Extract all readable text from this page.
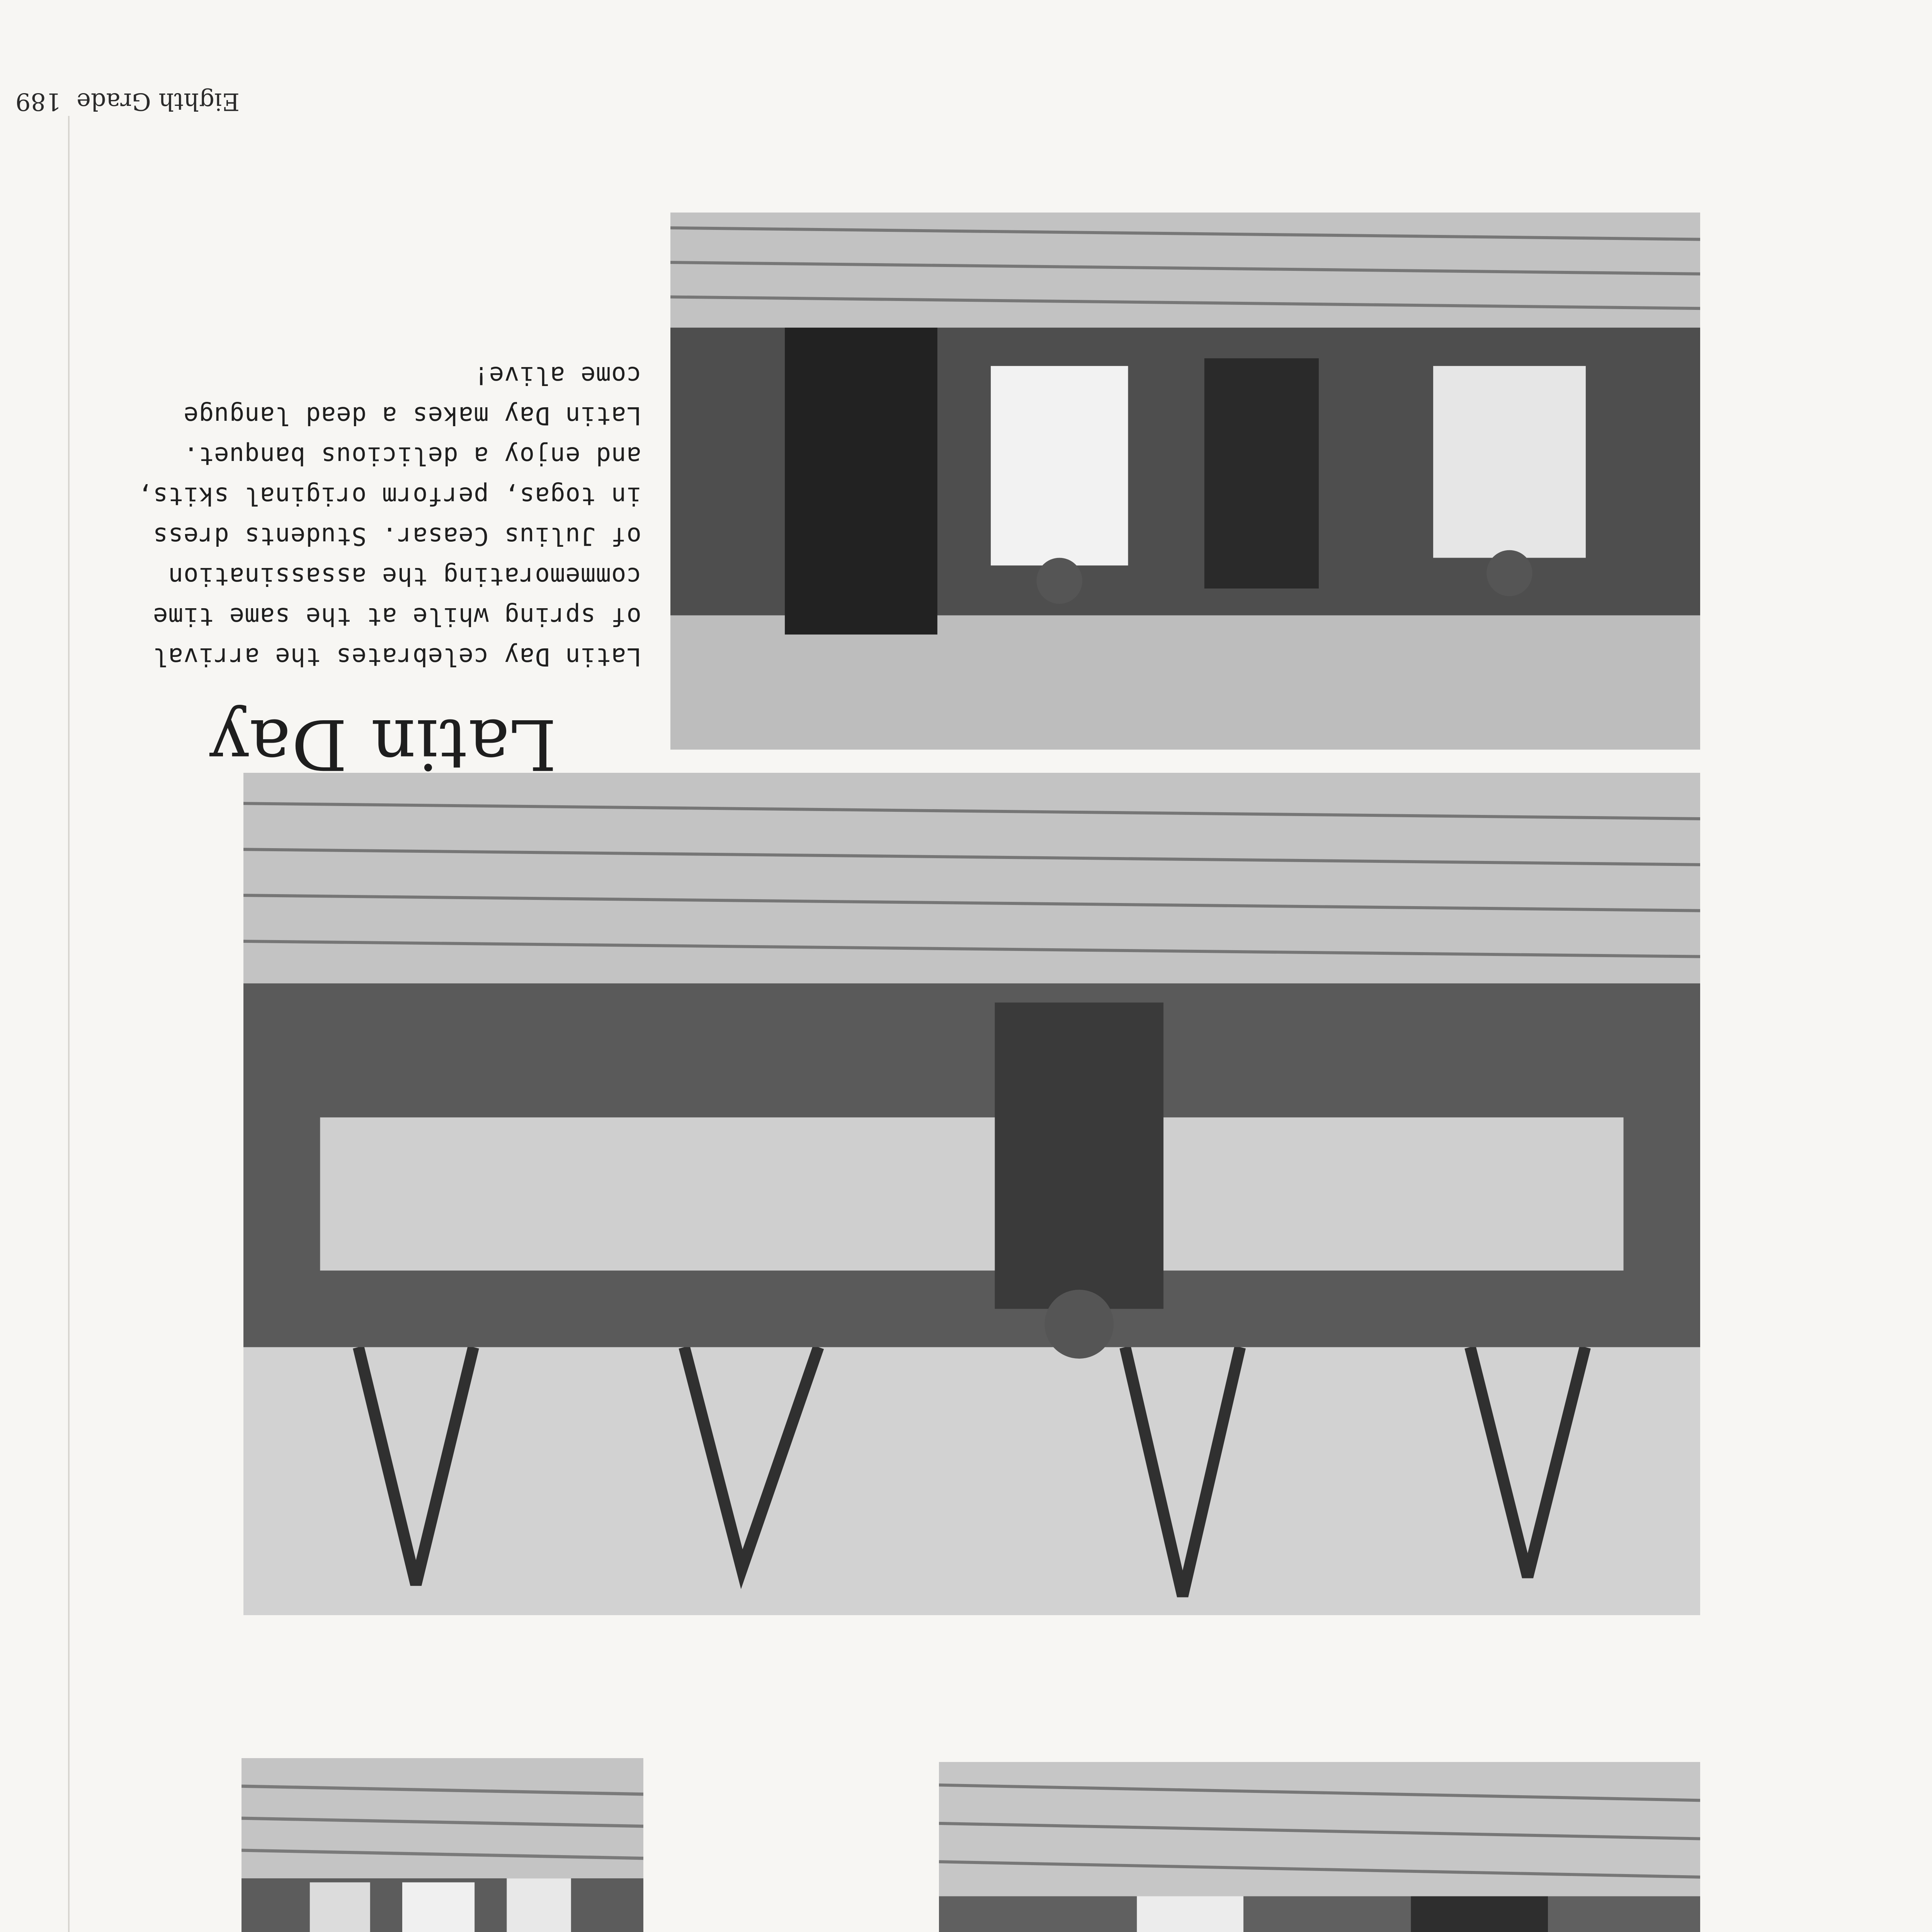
Latin Day

Latin Day celebrates the arrival
of spring while at the same time
commemorating the assassination
of Julius Ceasar. Students dress
in togas, perform original skits,
and enjoy a delicious banquet.
Latin Day makes a dead languge
come alive!

Eighth Grade189
